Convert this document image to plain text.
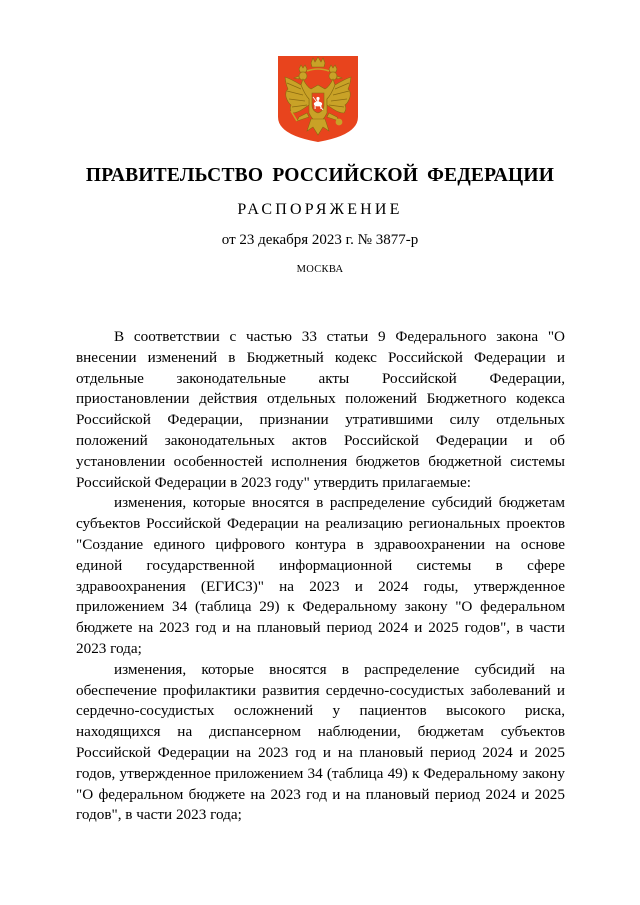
ПРАВИТЕЛЬСТВО РОССИЙСКОЙ ФЕДЕРАЦИИ
РАСПОРЯЖЕНИЕ
от 23 декабря 2023 г. № 3877-р
МОСКВА

В соответствии с частью 33 статьи 9 Федерального закона "О внесении изменений в Бюджетный кодекс Российской Федерации и отдельные законодательные акты Российской Федерации, приостановлении действия отдельных положений Бюджетного кодекса Российской Федерации, признании утратившими силу отдельных положений законодательных актов Российской Федерации и об установлении особенностей исполнения бюджетов бюджетной системы Российской Федерации в 2023 году" утвердить прилагаемые:

изменения, которые вносятся в распределение субсидий бюджетам субъектов Российской Федерации на реализацию региональных проектов "Создание единого цифрового контура в здравоохранении на основе единой государственной информационной системы в сфере здравоохранения (ЕГИСЗ)" на 2023 и 2024 годы, утвержденное приложением 34 (таблица 29) к Федеральному закону "О федеральном бюджете на 2023 год и на плановый период 2024 и 2025 годов", в части 2023 года;

изменения, которые вносятся в распределение субсидий на обеспечение профилактики развития сердечно-сосудистых заболеваний и сердечно-сосудистых осложнений у пациентов высокого риска, находящихся на диспансерном наблюдении, бюджетам субъектов Российской Федерации на 2023 год и на плановый период 2024 и 2025 годов, утвержденное приложением 34 (таблица 49) к Федеральному закону "О федеральном бюджете на 2023 год и на плановый период 2024 и 2025 годов", в части 2023 года;
